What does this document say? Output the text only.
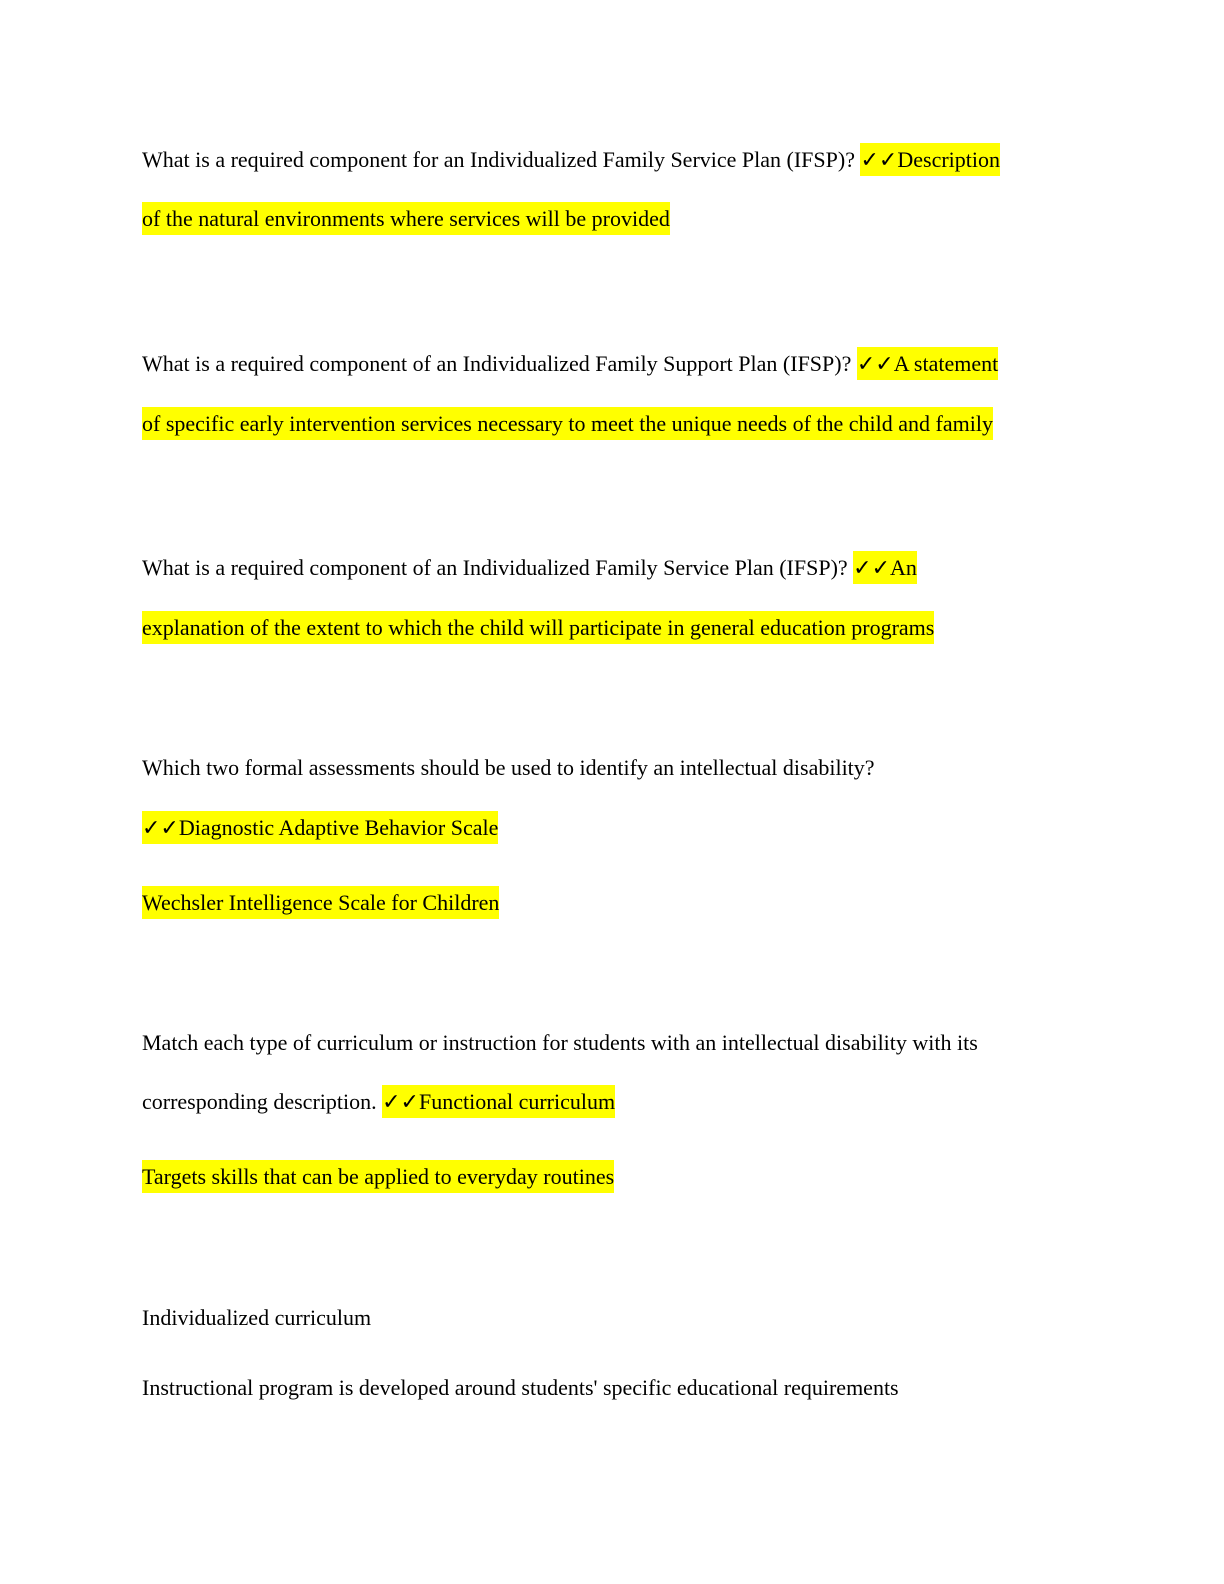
What is a required component for an Individualized Family Service Plan (IFSP)? ✓✓Description
of the natural environments where services will be provided
What is a required component of an Individualized Family Support Plan (IFSP)? ✓✓A statement
of specific early intervention services necessary to meet the unique needs of the child and family
What is a required component of an Individualized Family Service Plan (IFSP)? ✓✓An
explanation of the extent to which the child will participate in general education programs
Which two formal assessments should be used to identify an intellectual disability?
✓✓Diagnostic Adaptive Behavior Scale
Wechsler Intelligence Scale for Children
Match each type of curriculum or instruction for students with an intellectual disability with its
corresponding description. ✓✓Functional curriculum
Targets skills that can be applied to everyday routines
Individualized curriculum
Instructional program is developed around students' specific educational requirements
